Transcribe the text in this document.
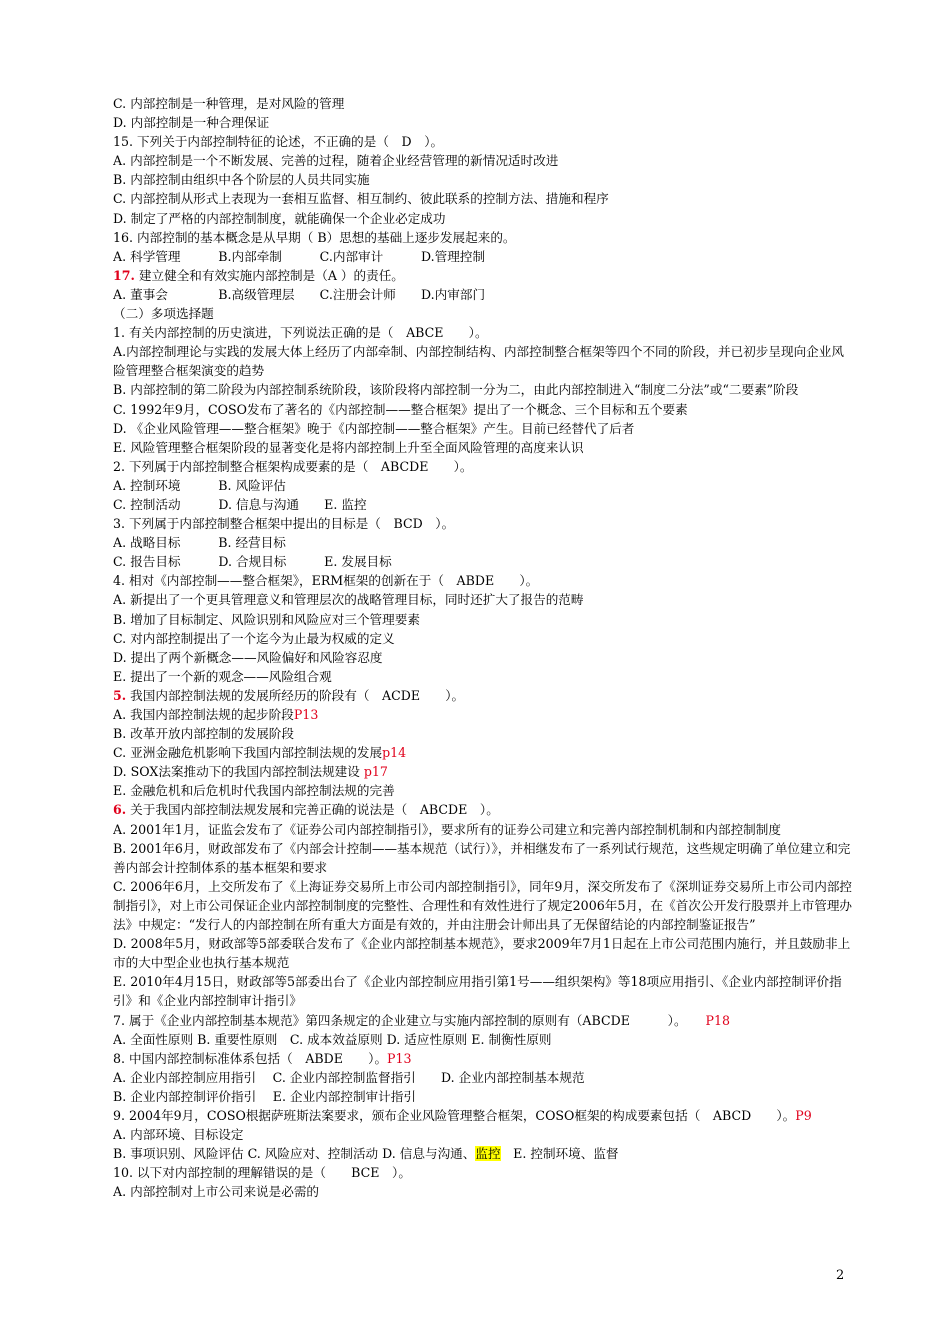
C. 内部控制是一种管理，是对风险的管理
D. 内部控制是一种合理保证
15. 下列关于内部控制特征的论述，不正确的是（　D　）。
A. 内部控制是一个不断发展、完善的过程，随着企业经营管理的新情况适时改进
B. 内部控制由组织中各个阶层的人员共同实施
C. 内部控制从形式上表现为一套相互监督、相互制约、彼此联系的控制方法、措施和程序
D. 制定了严格的内部控制制度，就能确保一个企业必定成功
16. 内部控制的基本概念是从早期（ B）思想的基础上逐步发展起来的。
A. 科学管理　　　B.内部牵制　　　C.内部审计　　　D.管理控制
17. 建立健全和有效实施内部控制是（A ）的责任。
A. 董事会　　　　B.高级管理层　　C.注册会计师　　D.内审部门
（二）多项选择题
1. 有关内部控制的历史演进，下列说法正确的是（　ABCE　　）。
A.内部控制理论与实践的发展大体上经历了内部牵制、内部控制结构、内部控制整合框架等四个不同的阶段，并已初步呈现向企业风险管理整合框架演变的趋势
B. 内部控制的第二阶段为内部控制系统阶段，该阶段将内部控制一分为二，由此内部控制进入“制度二分法”或“二要素”阶段
C. 1992年9月，COSO发布了著名的《内部控制——整合框架》提出了一个概念、三个目标和五个要素
D. 《企业风险管理——整合框架》晚于《内部控制——整合框架》产生。目前已经替代了后者
E. 风险管理整合框架阶段的显著变化是将内部控制上升至全面风险管理的高度来认识
2. 下列属于内部控制整合框架构成要素的是（　ABCDE　　）。
A. 控制环境　　　B. 风险评估
C. 控制活动　　　D. 信息与沟通　　E. 监控
3. 下列属于内部控制整合框架中提出的目标是（　BCD　）。
A. 战略目标　　　B. 经营目标
C. 报告目标　　　D. 合规目标　　　E. 发展目标
4. 相对《内部控制——整合框架》，ERM框架的创新在于（　ABDE　　）。
A. 新提出了一个更具管理意义和管理层次的战略管理目标，同时还扩大了报告的范畴
B. 增加了目标制定、风险识别和风险应对三个管理要素
C. 对内部控制提出了一个迄今为止最为权威的定义
D. 提出了两个新概念——风险偏好和风险容忍度
E. 提出了一个新的观念——风险组合观
5. 我国内部控制法规的发展所经历的阶段有（　ACDE　　）。
A. 我国内部控制法规的起步阶段P13
B. 改革开放内部控制的发展阶段
C. 亚洲金融危机影响下我国内部控制法规的发展p14
D. SOX法案推动下的我国内部控制法规建设 p17
E. 金融危机和后危机时代我国内部控制法规的完善
6. 关于我国内部控制法规发展和完善正确的说法是（　ABCDE　）。
A. 2001年1月，证监会发布了《证券公司内部控制指引》，要求所有的证券公司建立和完善内部控制机制和内部控制制度
B. 2001年6月，财政部发布了《内部会计控制——基本规范（试行）》，并相继发布了一系列试行规范，这些规定明确了单位建立和完善内部会计控制体系的基本框架和要求
C. 2006年6月，上交所发布了《上海证券交易所上市公司内部控制指引》，同年9月，深交所发布了《深圳证券交易所上市公司内部控制指引》，对上市公司保证企业内部控制制度的完整性、合理性和有效性进行了规定2006年5月，在《首次公开发行股票并上市管理办法》中规定：“发行人的内部控制在所有重大方面是有效的，并由注册会计师出具了无保留结论的内部控制鉴证报告”
D. 2008年5月，财政部等5部委联合发布了《企业内部控制基本规范》，要求2009年7月1日起在上市公司范围内施行，并且鼓励非上市的大中型企业也执行基本规范
E. 2010年4月15日，财政部等5部委出台了《企业内部控制应用指引第1号——组织架构》等18项应用指引、《企业内部控制评价指引》和《企业内部控制审计指引》
7. 属于《企业内部控制基本规范》第四条规定的企业建立与实施内部控制的原则有（ABCDE　　　）。　　P18
A. 全面性原则 B. 重要性原则　C. 成本效益原则 D. 适应性原则 E. 制衡性原则
8. 中国内部控制标准体系包括（　ABDE　　）。P13
A. 企业内部控制应用指引　 C. 企业内部控制监督指引　　D. 企业内部控制基本规范
B. 企业内部控制评价指引　 E. 企业内部控制审计指引
9. 2004年9月，COSO根据萨班斯法案要求，颁布企业风险管理整合框架，COSO框架的构成要素包括（　ABCD　　）。P9
A. 内部环境、目标设定
B. 事项识别、风险评估 C. 风险应对、控制活动 D. 信息与沟通、监控　E. 控制环境、监督
10. 以下对内部控制的理解错误的是（　　BCE　）。
A. 内部控制对上市公司来说是必需的
2
